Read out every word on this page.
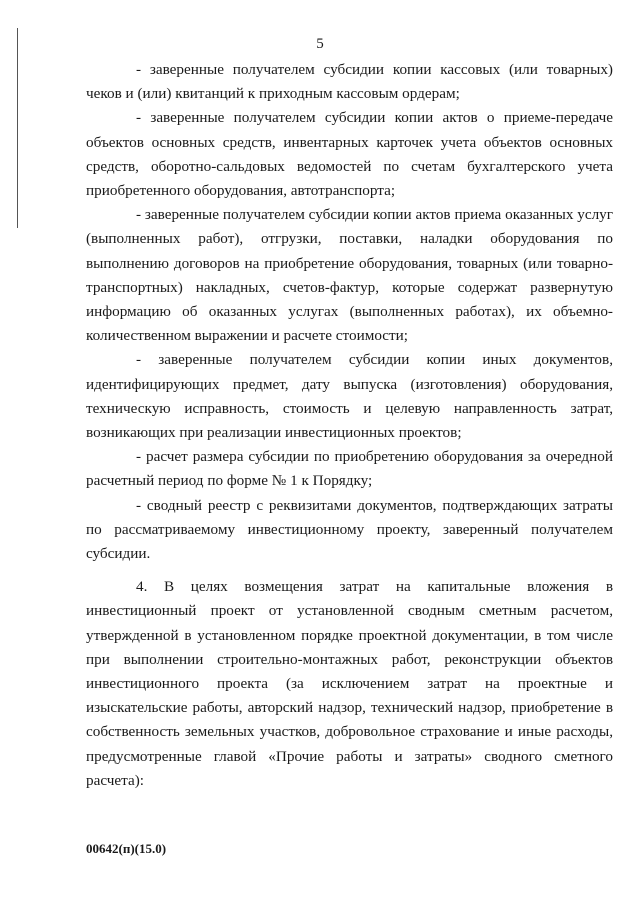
5

- заверенные получателем субсидии копии кассовых (или товарных) чеков и (или) квитанций к приходным кассовым ордерам;

- заверенные получателем субсидии копии актов о приеме-передаче объектов основных средств, инвентарных карточек учета объектов основных средств, оборотно-сальдовых ведомостей по счетам бухгалтерского учета приобретенного оборудования, автотранспорта;

- заверенные получателем субсидии копии актов приема оказанных услуг (выполненных работ), отгрузки, поставки, наладки оборудования по выполнению договоров на приобретение оборудования, товарных (или товарно-транспортных) накладных, счетов-фактур, которые содержат развернутую информацию об оказанных услугах (выполненных работах), их объемно-количественном выражении и расчете стоимости;

- заверенные получателем субсидии копии иных документов, идентифицирующих предмет, дату выпуска (изготовления) оборудования, техническую исправность, стоимость и целевую направленность затрат, возникающих при реализации инвестиционных проектов;

- расчет размера субсидии по приобретению оборудования за очередной расчетный период по форме № 1 к Порядку;

- сводный реестр с реквизитами документов, подтверждающих затраты по рассматриваемому инвестиционному проекту, заверенный получателем субсидии.

4. В целях возмещения затрат на капитальные вложения в инвестиционный проект от установленной сводным сметным расчетом, утвержденной в установленном порядке проектной документации, в том числе при выполнении строительно-монтажных работ, реконструкции объектов инвестиционного проекта (за исключением затрат на проектные и изыскательские работы, авторский надзор, технический надзор, приобретение в собственность земельных участков, добровольное страхование и иные расходы, предусмотренные главой «Прочие работы и затраты» сводного сметного расчета):

00642(п)(15.0)
